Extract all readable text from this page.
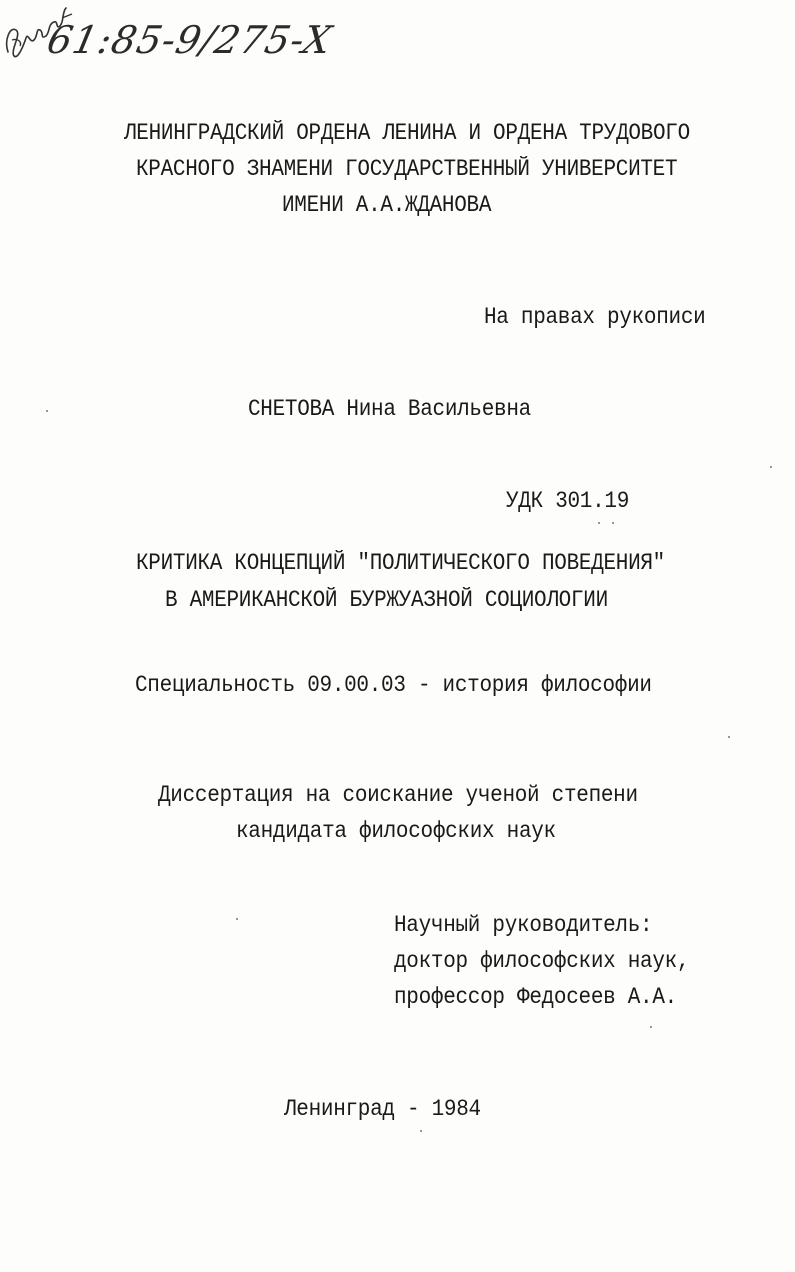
61:85-9/275-X
ЛЕНИНГРАДСКИЙ ОРДЕНА ЛЕНИНА И ОРДЕНА ТРУДОВОГО
КРАСНОГО ЗНАМЕНИ ГОСУДАРСТВЕННЫЙ УНИВЕРСИТЕТ
ИМЕНИ А.А.ЖДАНОВА
На правах рукописи
СНЕТОВА Нина Васильевна
УДК 301.19
КРИТИКА КОНЦЕПЦИЙ "ПОЛИТИЧЕСКОГО ПОВЕДЕНИЯ"
В АМЕРИКАНСКОЙ БУРЖУАЗНОЙ СОЦИОЛОГИИ
Специальность 09.00.03 - история философии
Диссертация на соискание ученой степени
кандидата философских наук
Научный руководитель:
доктор философских наук,
профессор Федосеев А.А.
Ленинград - 1984
